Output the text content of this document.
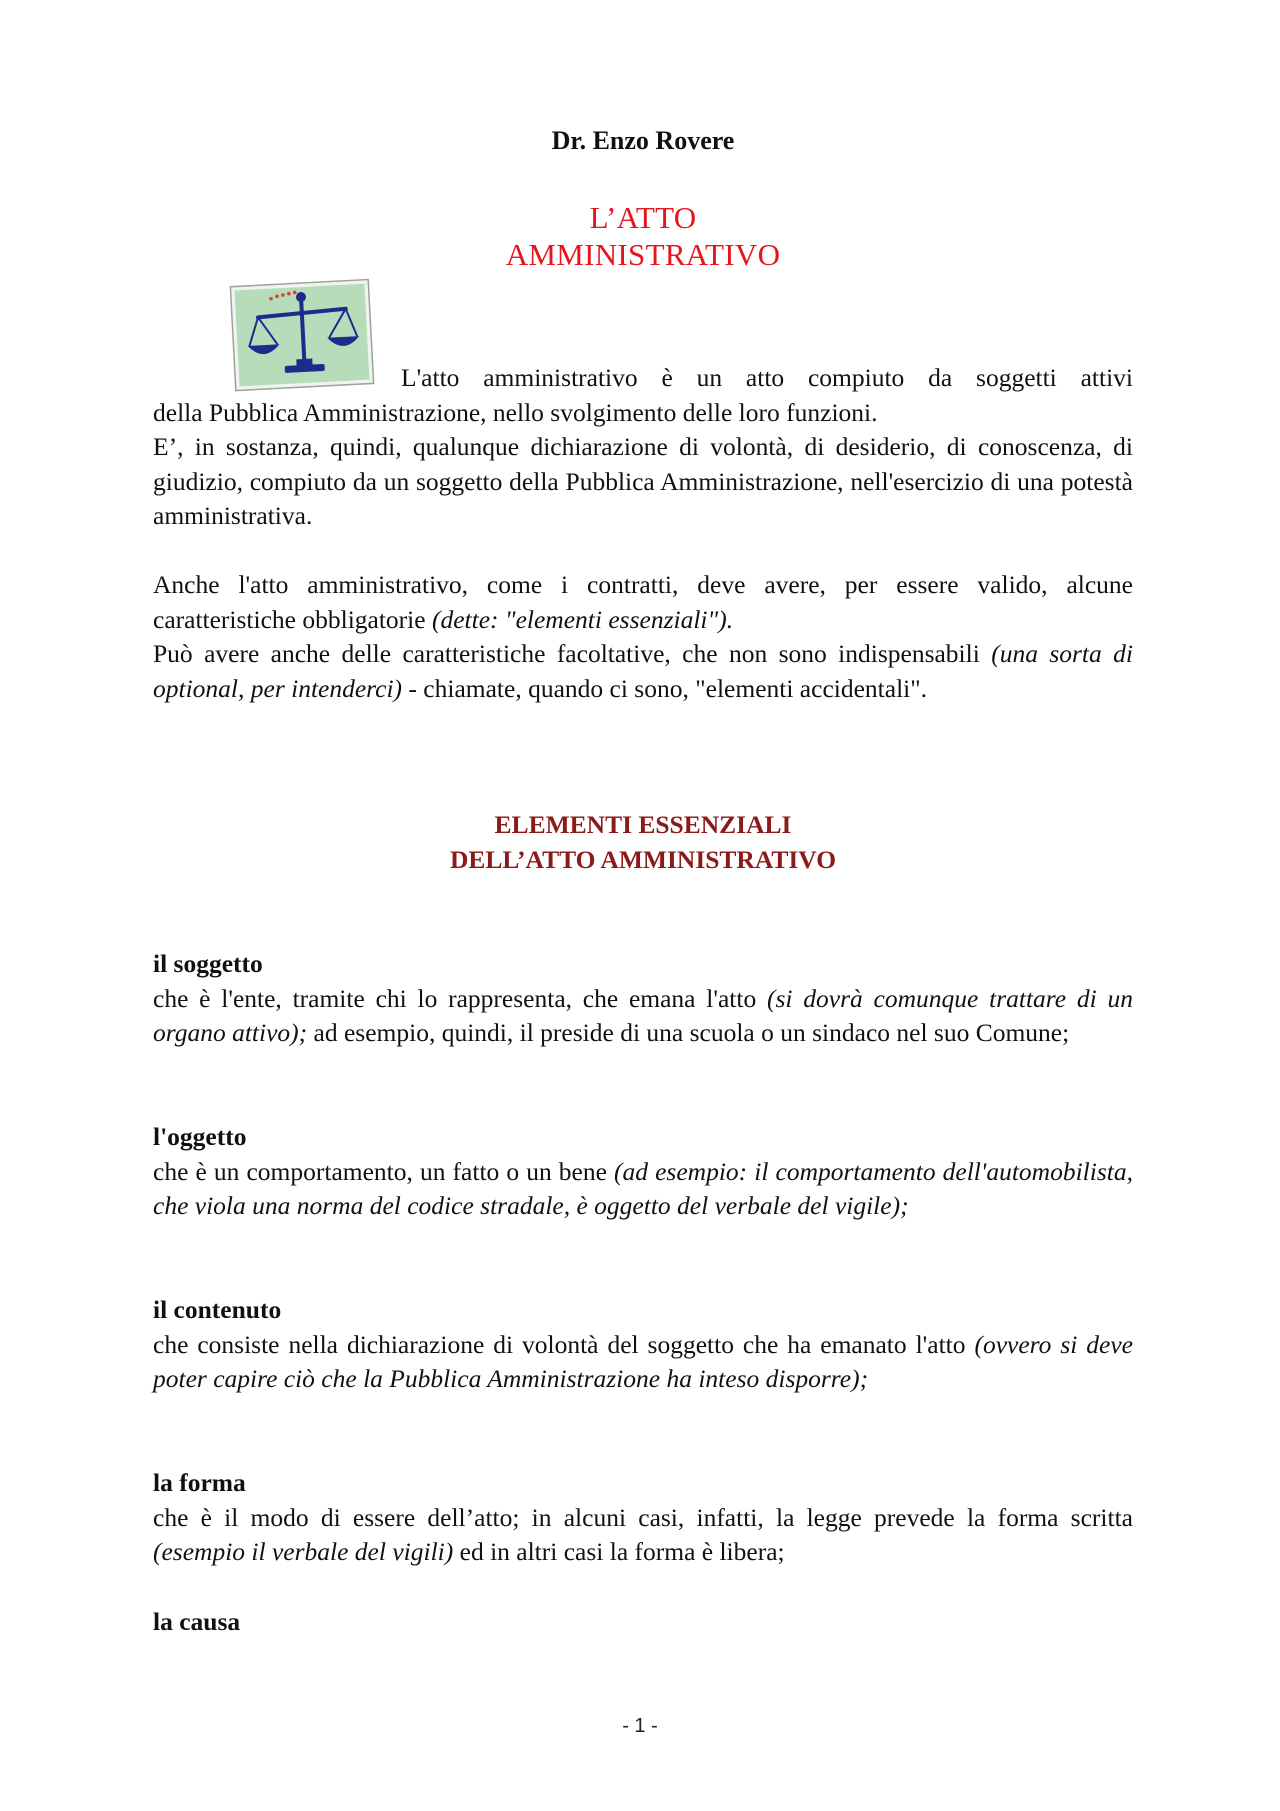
Dr. Enzo Rovere
L’ATTO
AMMINISTRATIVO
L'atto amministrativo è un atto compiuto da soggetti attivi
della Pubblica Amministrazione, nello svolgimento delle loro funzioni.
E’, in sostanza, quindi, qualunque dichiarazione di volontà, di desiderio, di conoscenza, di giudizio, compiuto da un soggetto della Pubblica Amministrazione, nell'esercizio di una potestà amministrativa.
Anche l'atto amministrativo, come i contratti, deve avere, per essere valido, alcune caratteristiche obbligatorie (dette: "elementi essenziali").
Può avere anche delle caratteristiche facoltative, che non sono indispensabili (una sorta di optional, per intenderci) - chiamate, quando ci sono, "elementi accidentali".
ELEMENTI ESSENZIALI
DELL’ATTO AMMINISTRATIVO
il soggetto
che è l'ente, tramite chi lo rappresenta, che emana l'atto (si dovrà comunque trattare di un organo attivo); ad esempio, quindi, il preside di una scuola o un sindaco nel suo Comune;
l'oggetto
che è un comportamento, un fatto o un bene (ad esempio: il comportamento dell'automobilista, che viola una norma del codice stradale, è oggetto del verbale del vigile);
il contenuto
che consiste nella dichiarazione di volontà del soggetto che ha emanato l'atto (ovvero si deve poter capire ciò che la Pubblica Amministrazione ha inteso disporre);
la forma
che è il modo di essere dell’atto; in alcuni casi, infatti, la legge prevede la forma scritta (esempio il verbale del vigili) ed in altri casi la forma è libera;
la causa
- 1 -
